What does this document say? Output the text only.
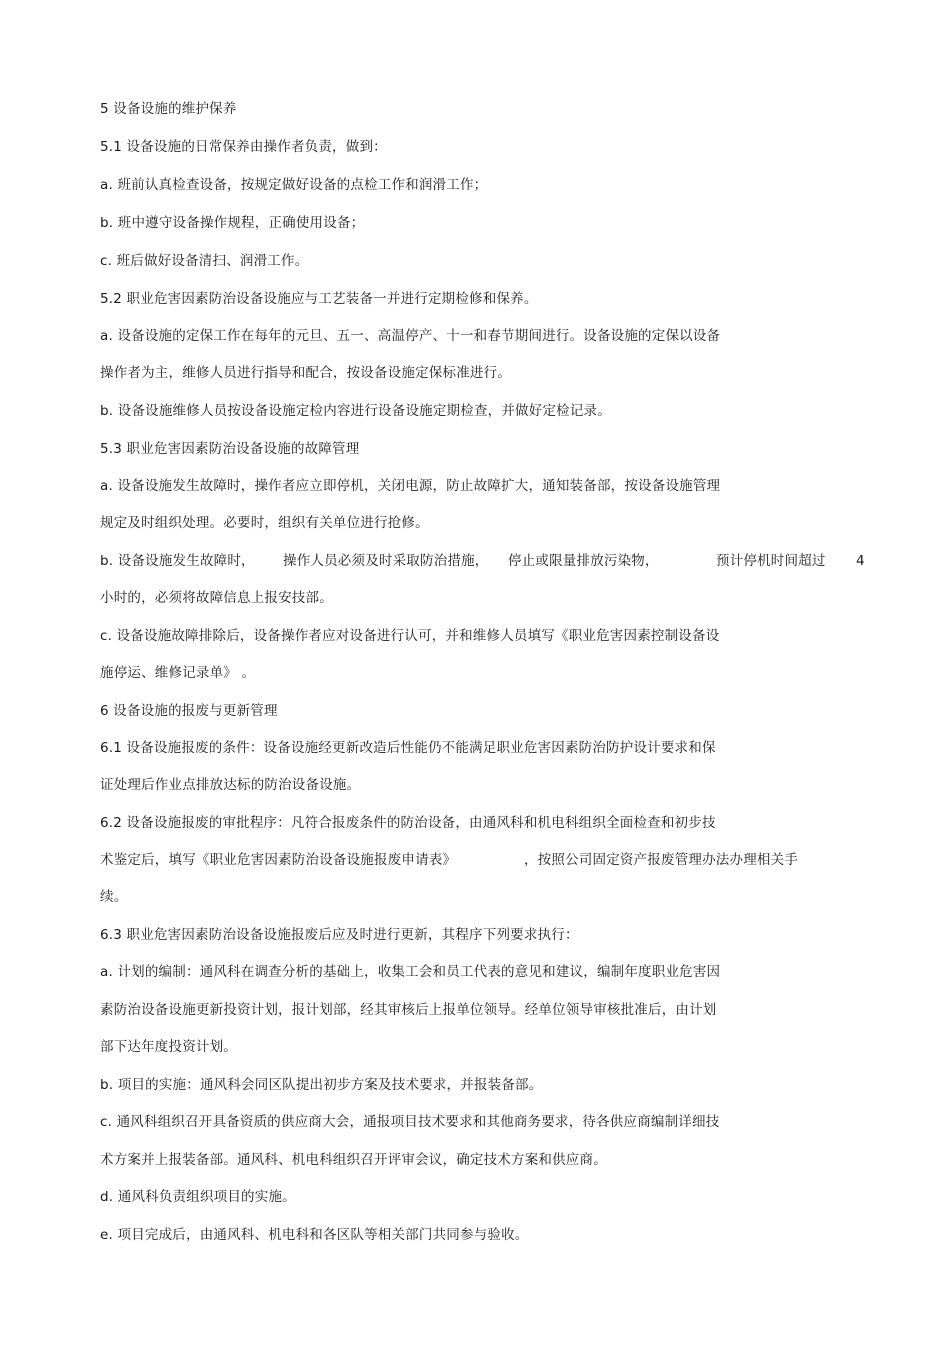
5 设备设施的维护保养
5.1 设备设施的日常保养由操作者负责，做到：
a. 班前认真检查设备，按规定做好设备的点检工作和润滑工作；
b. 班中遵守设备操作规程，正确使用设备；
c. 班后做好设备清扫、润滑工作。
5.2 职业危害因素防治设备设施应与工艺装备一并进行定期检修和保养。
a. 设备设施的定保工作在每年的元旦、五一、高温停产、十一和春节期间进行。设备设施的定保以设备
操作者为主，维修人员进行指导和配合，按设备设施定保标准进行。
b. 设备设施维修人员按设备设施定检内容进行设备设施定期检查，并做好定检记录。
5.3 职业危害因素防治设备设施的故障管理
a. 设备设施发生故障时，操作者应立即停机，关闭电源，防止故障扩大，通知装备部，按设备设施管理
规定及时组织处理。必要时，组织有关单位进行抢修。
b. 设备设施发生故障时， 操作人员必须及时采取防治措施， 停止或限量排放污染物，	预计停机时间超过 4
小时的，必须将故障信息上报安技部。
c. 设备设施故障排除后，设备操作者应对设备进行认可，并和维修人员填写《职业危害因素控制设备设
施停运、维修记录单》 。
6 设备设施的报废与更新管理
6.1 设备设施报废的条件：设备设施经更新改造后性能仍不能满足职业危害因素防治防护设计要求和保
证处理后作业点排放达标的防治设备设施。
6.2 设备设施报废的审批程序：凡符合报废条件的防治设备，由通风科和机电科组织全面检查和初步技
术鉴定后，填写《职业危害因素防治设备设施报废申请表》	，按照公司固定资产报废管理办法办理相关手
续。
6.3 职业危害因素防治设备设施报废后应及时进行更新，其程序下列要求执行：
a. 计划的编制：通风科在调查分析的基础上，收集工会和员工代表的意见和建议，编制年度职业危害因
素防治设备设施更新投资计划，报计划部，经其审核后上报单位领导。经单位领导审核批准后，由计划
部下达年度投资计划。
b. 项目的实施：通风科会同区队提出初步方案及技术要求，并报装备部。
c. 通风科组织召开具备资质的供应商大会，通报项目技术要求和其他商务要求，待各供应商编制详细技
术方案并上报装备部。通风科、机电科组织召开评审会议，确定技术方案和供应商。
d. 通风科负责组织项目的实施。
e. 项目完成后，由通风科、机电科和各区队等相关部门共同参与验收。
